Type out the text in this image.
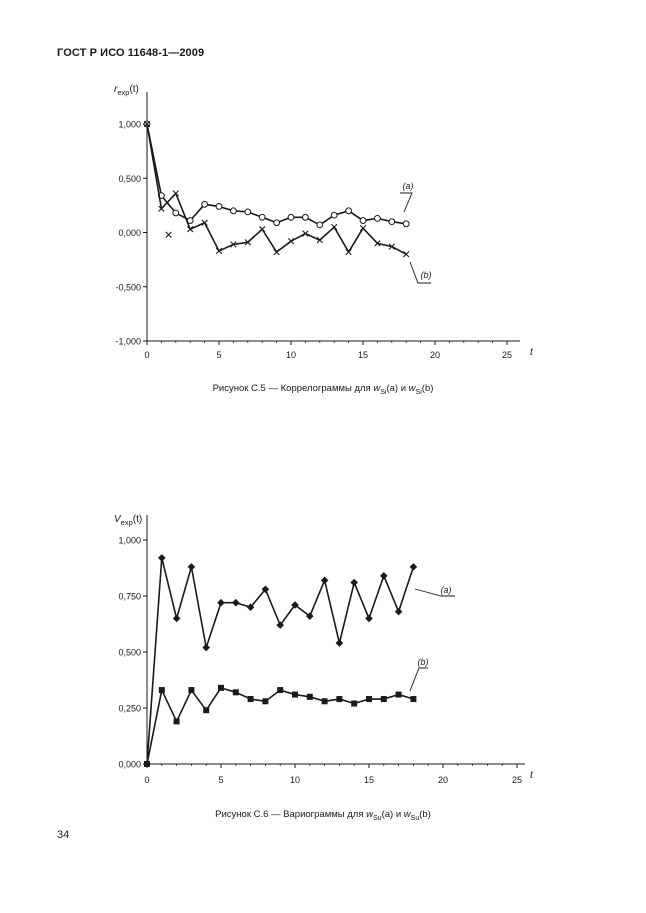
ГОСТ Р ИСО 11648-1—2009
1,000
0,500
0,000
-0,500
-1,000
0	5	10	15	20	25
$r_{exp}(t)$
t
(a)
(b)
1,000
0,750
0,500
0,250
0,000
0	5	10	15	20	25
$V_{exp}(t)$
t
(a)
(b)
Рисунок С.5 — Коррелограммы для $w_{Si}(a)$ и $w_{Si}(b)$
Рисунок С.6 — Вариограммы для $w_{Su}(a)$ и $w_{Su}(b)$
34
